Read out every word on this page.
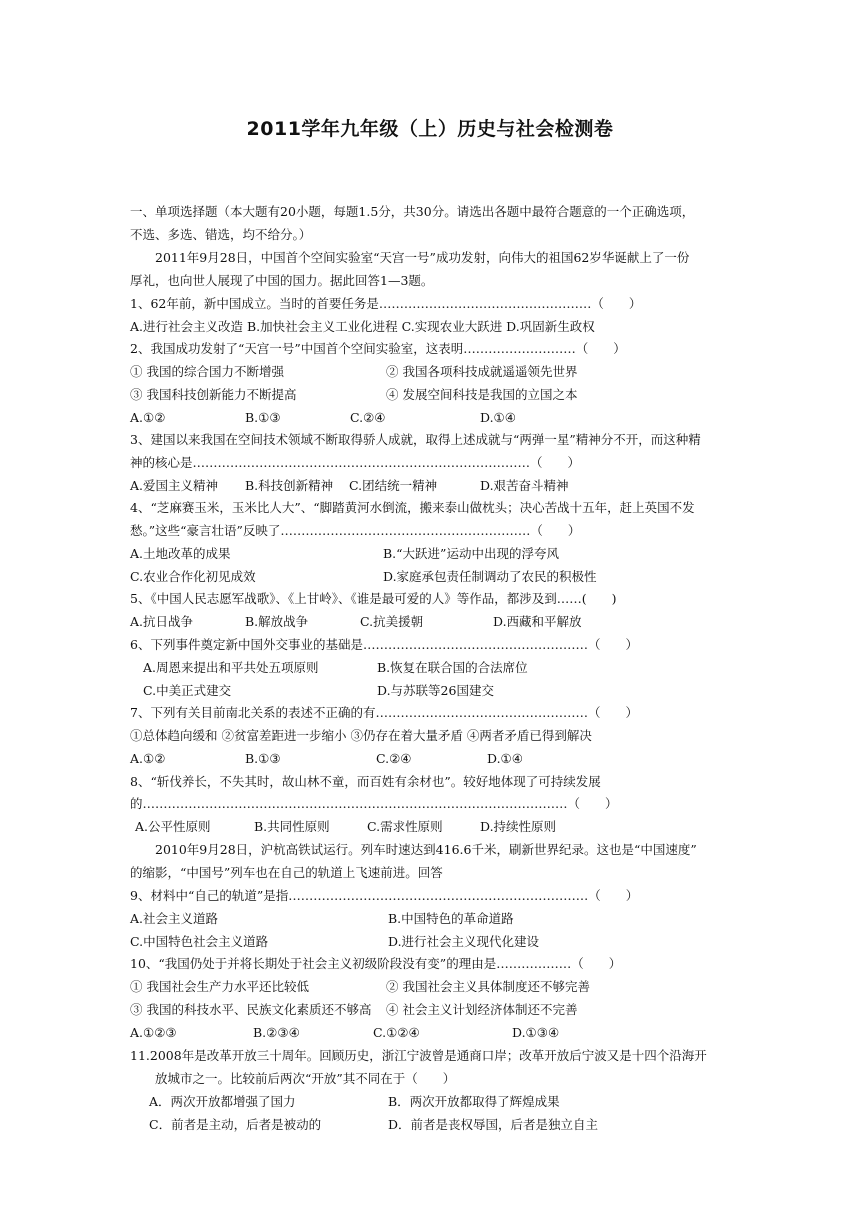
2011学年九年级（上）历史与社会检测卷
一、单项选择题（本大题有20小题，每题1.5分，共30分。请选出各题中最符合题意的一个正确选项，
不选、多选、错选，均不给分。）
　　2011年9月28日，中国首个空间实验室“天宫一号”成功发射，向伟大的祖国62岁华诞献上了一份
厚礼，也向世人展现了中国的国力。据此回答1—3题。
1、62年前，新中国成立。当时的首要任务是……………………………………………（　　）
A.进行社会主义改造 B.加快社会主义工业化进程 C.实现农业大跃进 D.巩固新生政权
2、我国成功发射了“天宫一号”中国首个空间实验室，这表明………………………（　　）
① 我国的综合国力不断增强	② 我国各项科技成就遥遥领先世界
③ 我国科技创新能力不断提高	④ 发展空间科技是我国的立国之本
A.①②	B.①③	C.②④	D.①④
3、建国以来我国在空间技术领域不断取得骄人成就，取得上述成就与“两弹一星”精神分不开，而这种精
神的核心是………………………………………………………………………（　　）
A.爱国主义精神 B.科技创新精神 C.团结统一精神	D.艰苦奋斗精神
4、“芝麻赛玉米，玉米比人大”、“脚踏黄河水倒流，搬来泰山做枕头；决心苦战十五年，赶上英国不发
愁。”这些“豪言壮语”反映了……………………………………………………（　　）
A.土地改革的成果	B.“大跃进”运动中出现的浮夸风
C.农业合作化初见成效	D.家庭承包责任制调动了农民的积极性
5、《中国人民志愿军战歌》、《上甘岭》、《谁是最可爱的人》等作品，都涉及到……(　　)
A.抗日战争	B.解放战争	C.抗美援朝	D.西藏和平解放
6、下列事件奠定新中国外交事业的基础是………………………………………………（　　）
A.周恩来提出和平共处五项原则	B.恢复在联合国的合法席位
C.中美正式建交	D.与苏联等26国建交
7、下列有关目前南北关系的表述不正确的有……………………………………………（　　）
①总体趋向缓和 ②贫富差距进一步缩小 ③仍存在着大量矛盾 ④两者矛盾已得到解决
A.①②	B.①③	C.②④	D.①④
8、“斩伐养长，不失其时，故山林不童，而百姓有余材也”。较好地体现了可持续发展
的…………………………………………………………………………………………（　　）
A.公平性原则	B.共同性原则	C.需求性原则	D.持续性原则
　　2010年9月28日，沪杭高铁试运行。列车时速达到416.6千米，刷新世界纪录。这也是“中国速度”
的缩影，“中国号”列车也在自己的轨道上飞速前进。回答
9、材料中“自己的轨道”是指………………………………………………………………（　　）
A.社会主义道路	B.中国特色的革命道路
C.中国特色社会主义道路	D.进行社会主义现代化建设
10、“我国仍处于并将长期处于社会主义初级阶段没有变”的理由是………………（　　）
① 我国社会生产力水平还比较低	② 我国社会主义具体制度还不够完善
③ 我国的科技水平、民族文化素质还不够高 ④ 社会主义计划经济体制还不完善
A.①②③	B.②③④	C.①②④	D.①③④
11.2008年是改革开放三十周年。回顾历史，浙江宁波曾是通商口岸；改革开放后宁波又是十四个沿海开
　　放城市之一。比较前后两次“开放”其不同在于（　　）
A．两次开放都增强了国力	B．两次开放都取得了辉煌成果
C．前者是主动，后者是被动的	D．前者是丧权辱国，后者是独立自主
